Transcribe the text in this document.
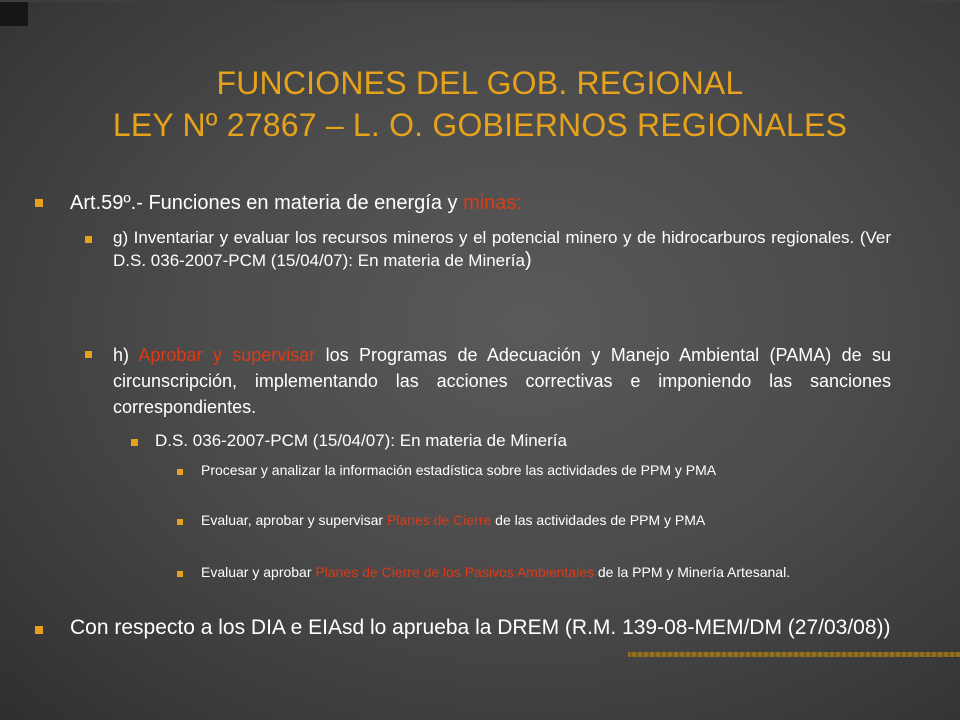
FUNCIONES DEL GOB. REGIONAL
LEY Nº 27867 – L. O. GOBIERNOS REGIONALES
Art.59º.- Funciones en materia de energía y minas:
g) Inventariar y evaluar los recursos mineros y el potencial minero y de hidrocarburos regionales. (Ver D.S. 036-2007-PCM (15/04/07): En materia de Minería)
h) Aprobar y supervisar los Programas de Adecuación y Manejo Ambiental (PAMA) de su circunscripción, implementando las acciones correctivas e imponiendo las sanciones correspondientes.
D.S. 036-2007-PCM (15/04/07): En materia de Minería
Procesar y analizar la información estadística sobre las actividades de PPM y PMA
Evaluar, aprobar y supervisar Planes de Cierre de las actividades de PPM y PMA
Evaluar y aprobar Planes de Cierre de los Pasivos Ambientales de la PPM y Minería Artesanal.
Con respecto a los DIA e EIAsd lo aprueba la DREM (R.M. 139-08-MEM/DM (27/03/08))
